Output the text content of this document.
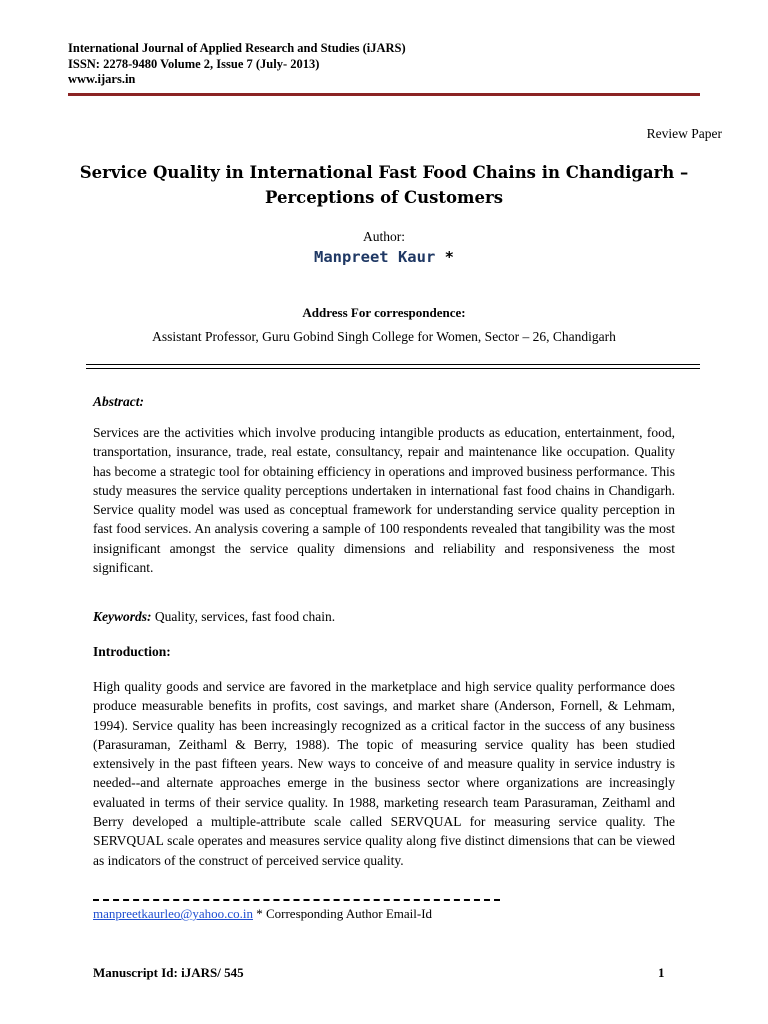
International Journal of Applied Research and Studies (iJARS)
ISSN: 2278-9480 Volume 2, Issue 7 (July- 2013)
www.ijars.in
Review Paper
Service Quality in International Fast Food Chains in Chandigarh –
Perceptions of Customers
Author:
Manpreet Kaur *
Address For correspondence:
Assistant Professor, Guru Gobind Singh College for Women, Sector – 26, Chandigarh
Abstract:
Services are the activities which involve producing intangible products as education, entertainment, food, transportation, insurance, trade, real estate, consultancy, repair and maintenance like occupation. Quality has become a strategic tool for obtaining efficiency in operations and improved business performance. This study measures the service quality perceptions undertaken in international fast food chains in Chandigarh. Service quality model was used as conceptual framework for understanding service quality perception in fast food services. An analysis covering a sample of 100 respondents revealed that tangibility was the most insignificant amongst the service quality dimensions and reliability and responsiveness the most significant.
Keywords: Quality, services, fast food chain.
Introduction:
High quality goods and service are favored in the marketplace and high service quality performance does produce measurable benefits in profits, cost savings, and market share (Anderson, Fornell, & Lehmam, 1994). Service quality has been increasingly recognized as a critical factor in the success of any business (Parasuraman, Zeithaml & Berry, 1988). The topic of measuring service quality has been studied extensively in the past fifteen years. New ways to conceive of and measure quality in service industry is needed--and alternate approaches emerge in the business sector where organizations are increasingly evaluated in terms of their service quality. In 1988, marketing research team Parasuraman, Zeithaml and Berry developed a multiple-attribute scale called SERVQUAL for measuring service quality. The SERVQUAL scale operates and measures service quality along five distinct dimensions that can be viewed as indicators of the construct of perceived service quality.
manpreetkaurleo@yahoo.co.in * Corresponding Author Email-Id
Manuscript Id: iJARS/ 545	1
